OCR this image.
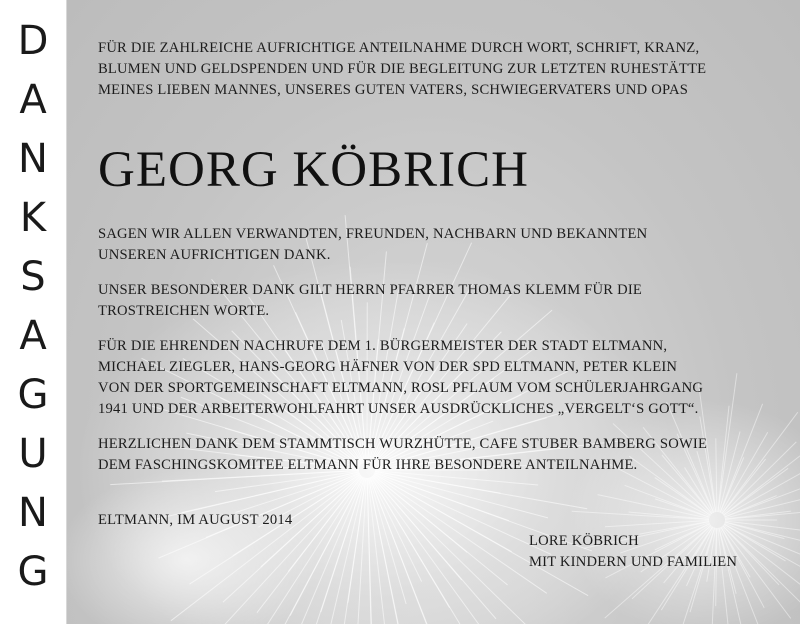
D
A
N
K
S
A
G
U
N
G
FÜR DIE ZAHLREICHE AUFRICHTIGE ANTEILNAHME DURCH WORT, SCHRIFT, KRANZ,
BLUMEN UND GELDSPENDEN UND FÜR DIE BEGLEITUNG ZUR LETZTEN RUHESTÄTTE
MEINES LIEBEN MANNES, UNSERES GUTEN VATERS, SCHWIEGERVATERS UND OPAS
GEORG KÖBRICH
SAGEN WIR ALLEN VERWANDTEN, FREUNDEN, NACHBARN UND BEKANNTEN
UNSEREN AUFRICHTIGEN DANK.
UNSER BESONDERER DANK GILT HERRN PFARRER THOMAS KLEMM FÜR DIE
TROSTREICHEN WORTE.
FÜR DIE EHRENDEN NACHRUFE DEM 1. BÜRGERMEISTER DER STADT ELTMANN,
MICHAEL ZIEGLER, HANS-GEORG HÄFNER VON DER SPD ELTMANN, PETER KLEIN
VON DER SPORTGEMEINSCHAFT ELTMANN, ROSL PFLAUM VOM SCHÜLERJAHRGANG
1941 UND DER ARBEITERWOHLFAHRT UNSER AUSDRÜCKLICHES „VERGELT‘S GOTT“.
HERZLICHEN DANK DEM STAMMTISCH WURZHÜTTE, CAFE STUBER BAMBERG SOWIE
DEM FASCHINGSKOMITEE ELTMANN FÜR IHRE BESONDERE ANTEILNAHME.
ELTMANN, IM AUGUST 2014
LORE KÖBRICH
MIT KINDERN UND FAMILIEN
